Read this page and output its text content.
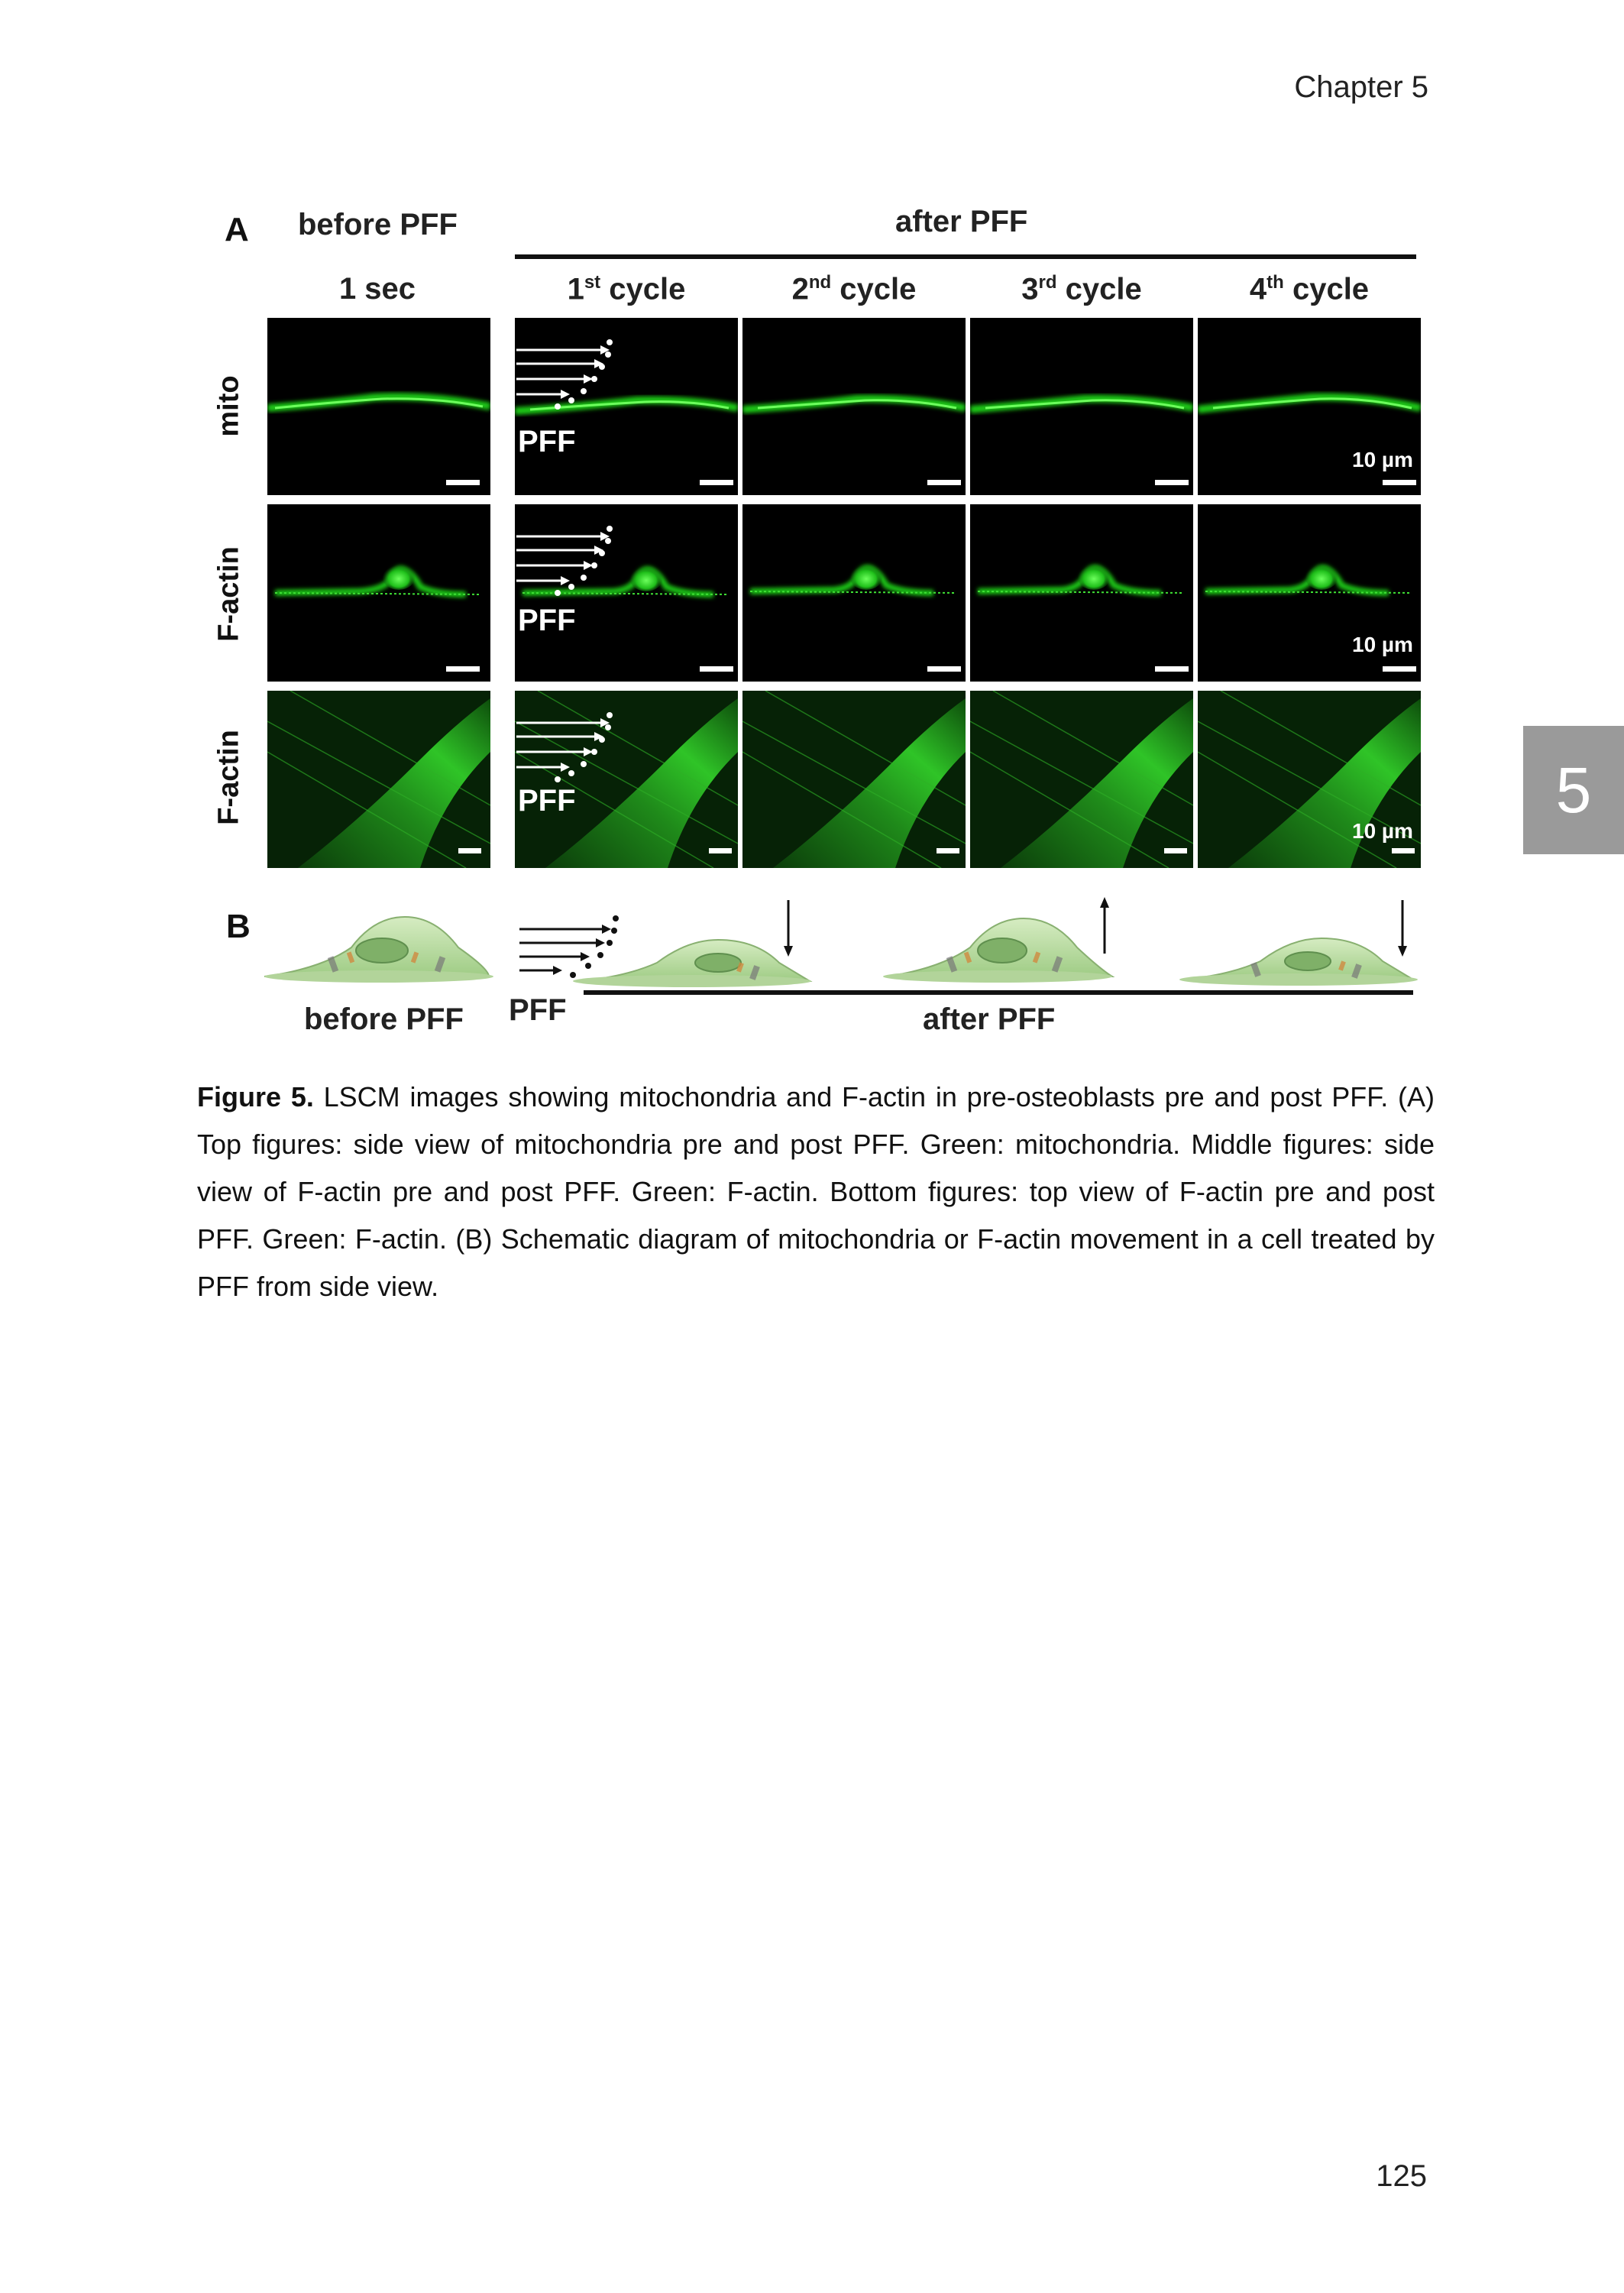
Chapter 5
5
A before PFF	after PFF
1 sec	1st cycle	2nd cycle	3rd cycle	4th cycle
mito
F-actin
F-actin
PFF
PFF
PFF
10 µm
10 µm
10 µm
B
before PFF PFF	after PFF
Figure 5. LSCM images showing mitochondria and F-actin in pre-osteoblasts pre and post PFF. (A) Top figures: side view of mitochondria pre and post PFF. Green: mitochondria. Middle figures: side view of F-actin pre and post PFF. Green: F-actin. Bottom figures: top view of F-actin pre and post PFF. Green: F-actin. (B) Schematic diagram of mitochondria or F-actin movement in a cell treated by PFF from side view.
125
